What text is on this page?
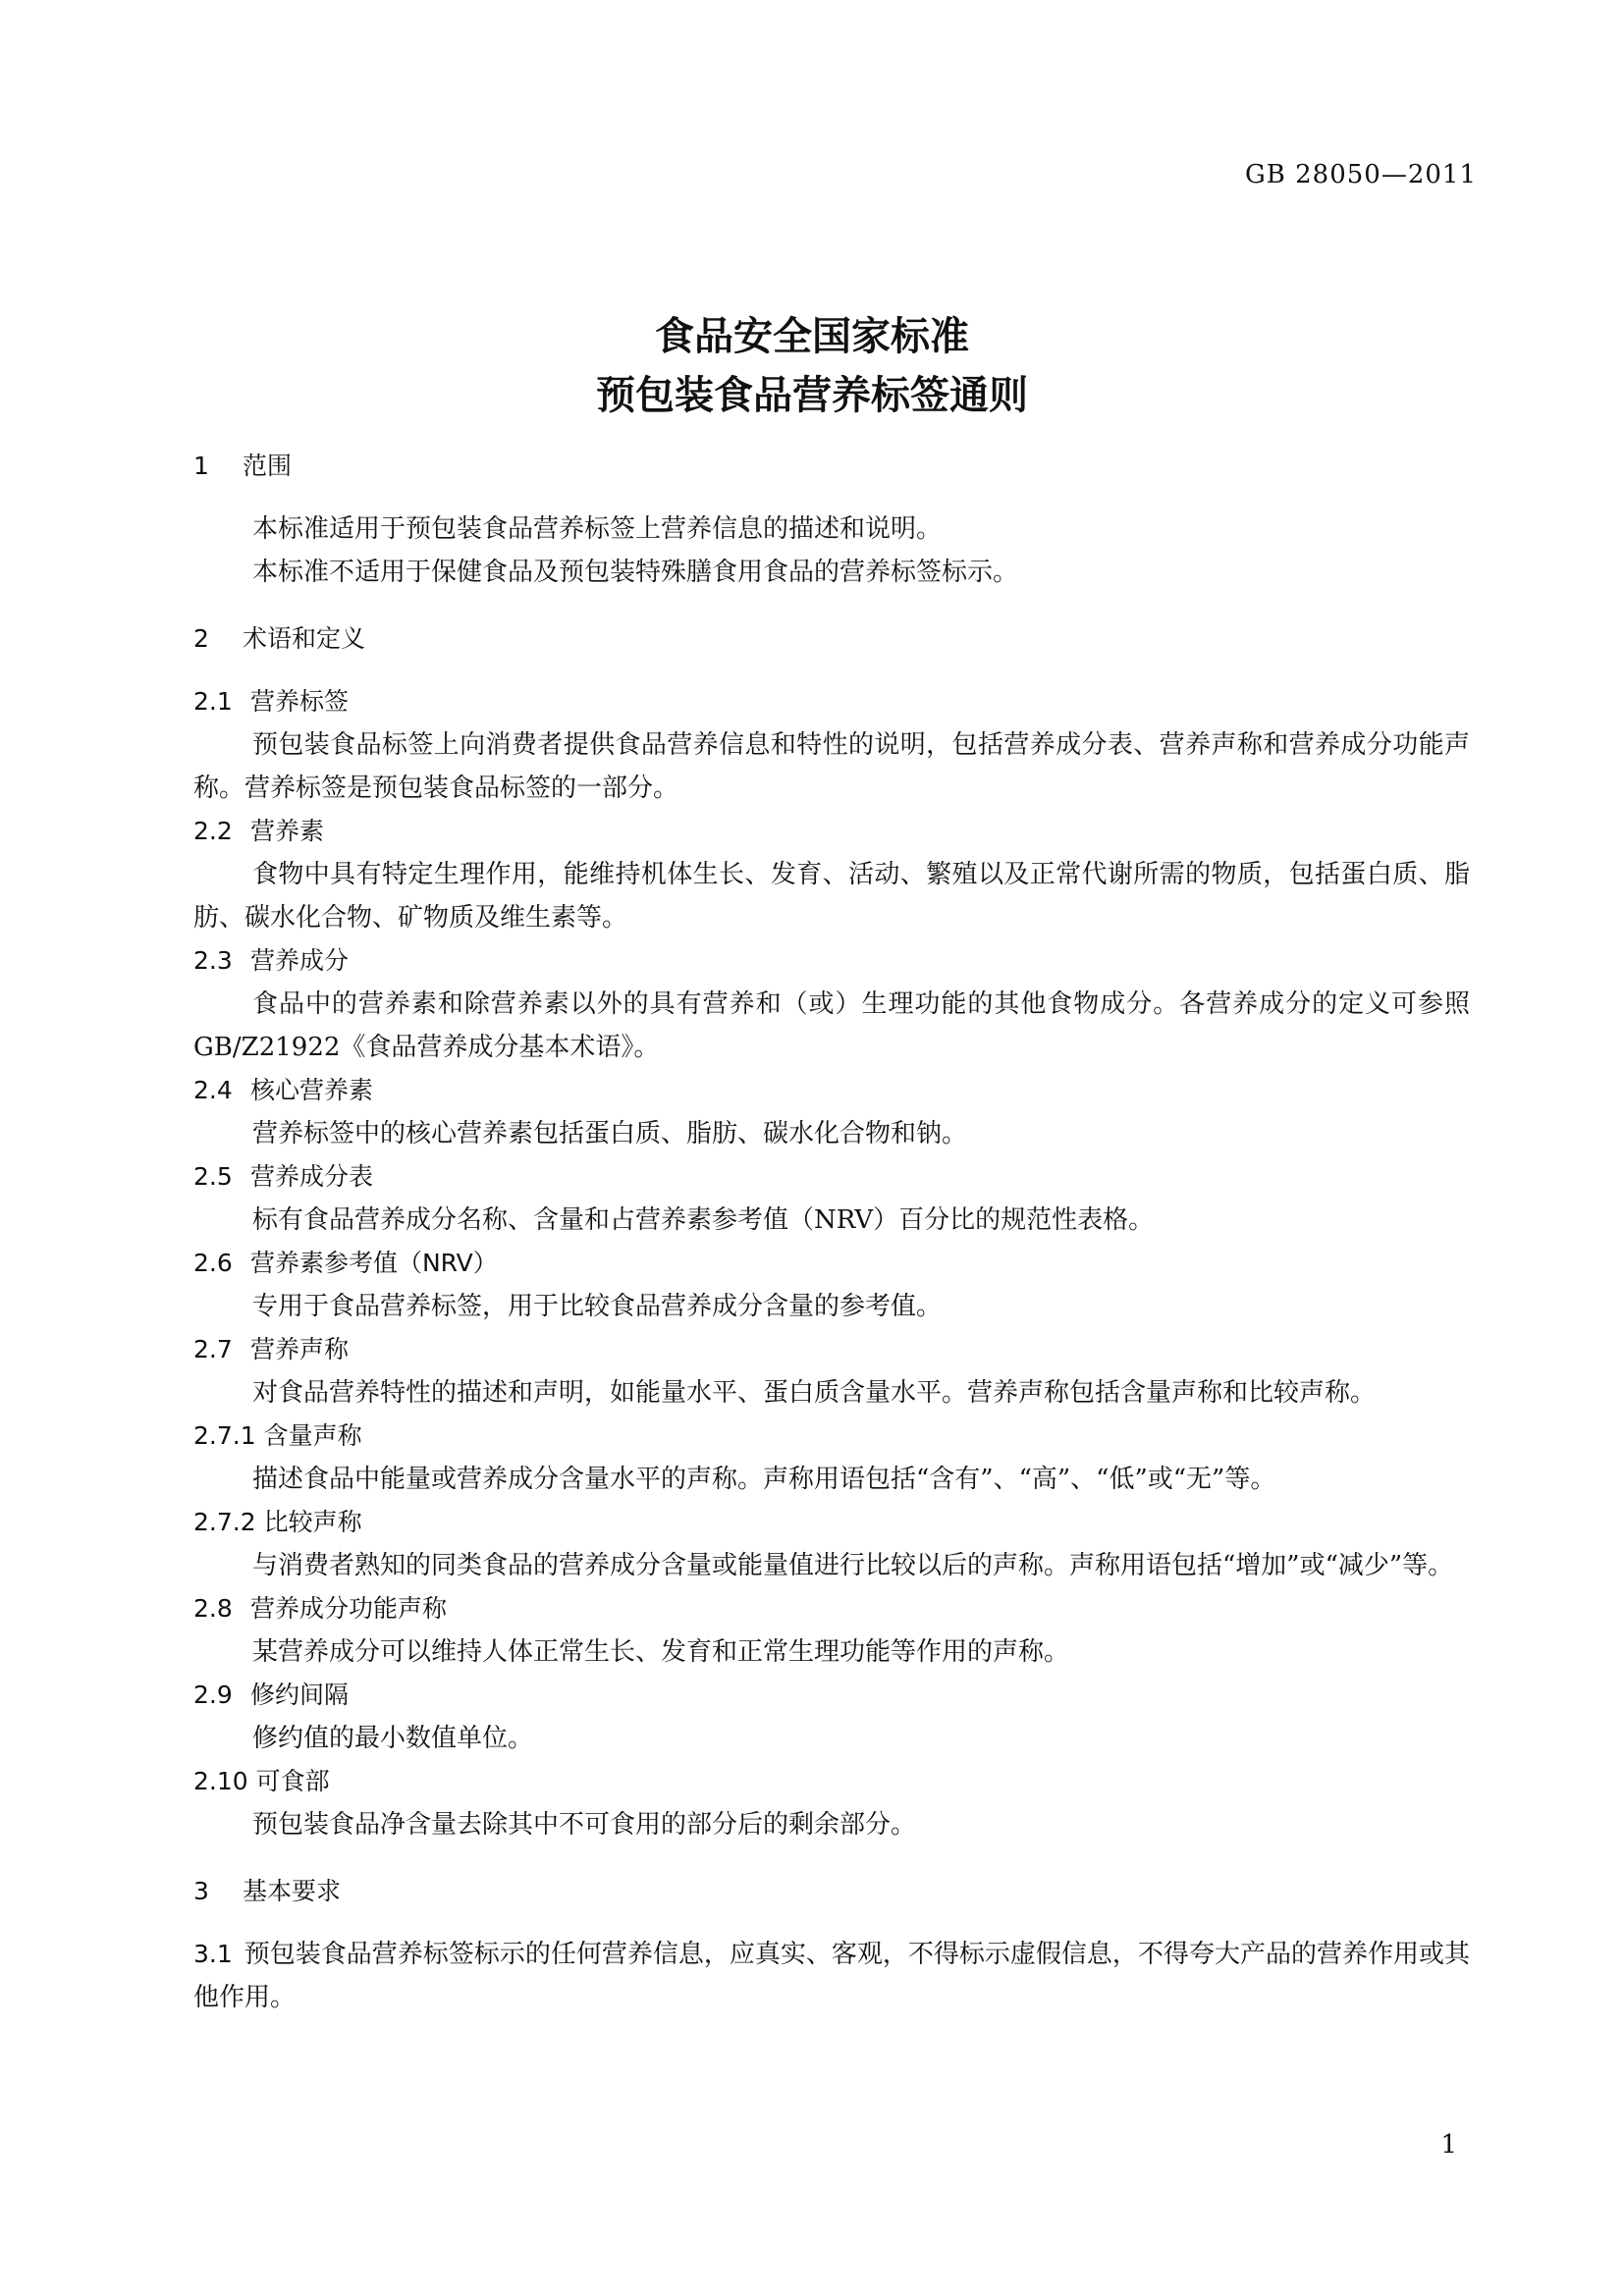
GB 28050—2011
食品安全国家标准
预包装食品营养标签通则
1 范围

本标准适用于预包装食品营养标签上营养信息的描述和说明。

本标准不适用于保健食品及预包装特殊膳食用食品的营养标签标示。

2 术语和定义
2.1 营养标签

预包装食品标签上向消费者提供食品营养信息和特性的说明，包括营养成分表、营养声称和营养成分功能声称。营养标签是预包装食品标签的一部分。

2.2 营养素

食物中具有特定生理作用，能维持机体生长、发育、活动、繁殖以及正常代谢所需的物质，包括蛋白质、脂肪、碳水化合物、矿物质及维生素等。

2.3 营养成分

食品中的营养素和除营养素以外的具有营养和（或）生理功能的其他食物成分。各营养成分的定义可参照 GB/Z21922《食品营养成分基本术语》。

2.4 核心营养素

营养标签中的核心营养素包括蛋白质、脂肪、碳水化合物和钠。

2.5 营养成分表

标有食品营养成分名称、含量和占营养素参考值（NRV）百分比的规范性表格。

2.6 营养素参考值（NRV）

专用于食品营养标签，用于比较食品营养成分含量的参考值。

2.7 营养声称

对食品营养特性的描述和声明，如能量水平、蛋白质含量水平。营养声称包括含量声称和比较声称。

2.7.1 含量声称

描述食品中能量或营养成分含量水平的声称。声称用语包括“含有”、“高”、“低”或“无”等。

2.7.2 比较声称

与消费者熟知的同类食品的营养成分含量或能量值进行比较以后的声称。声称用语包括“增加”或“减少”等。

2.8 营养成分功能声称

某营养成分可以维持人体正常生长、发育和正常生理功能等作用的声称。

2.9 修约间隔

修约值的最小数值单位。

2.10 可食部

预包装食品净含量去除其中不可食用的部分后的剩余部分。

3 基本要求

3.1 预包装食品营养标签标示的任何营养信息，应真实、客观，不得标示虚假信息，不得夸大产品的营养作用或其他作用。

1
